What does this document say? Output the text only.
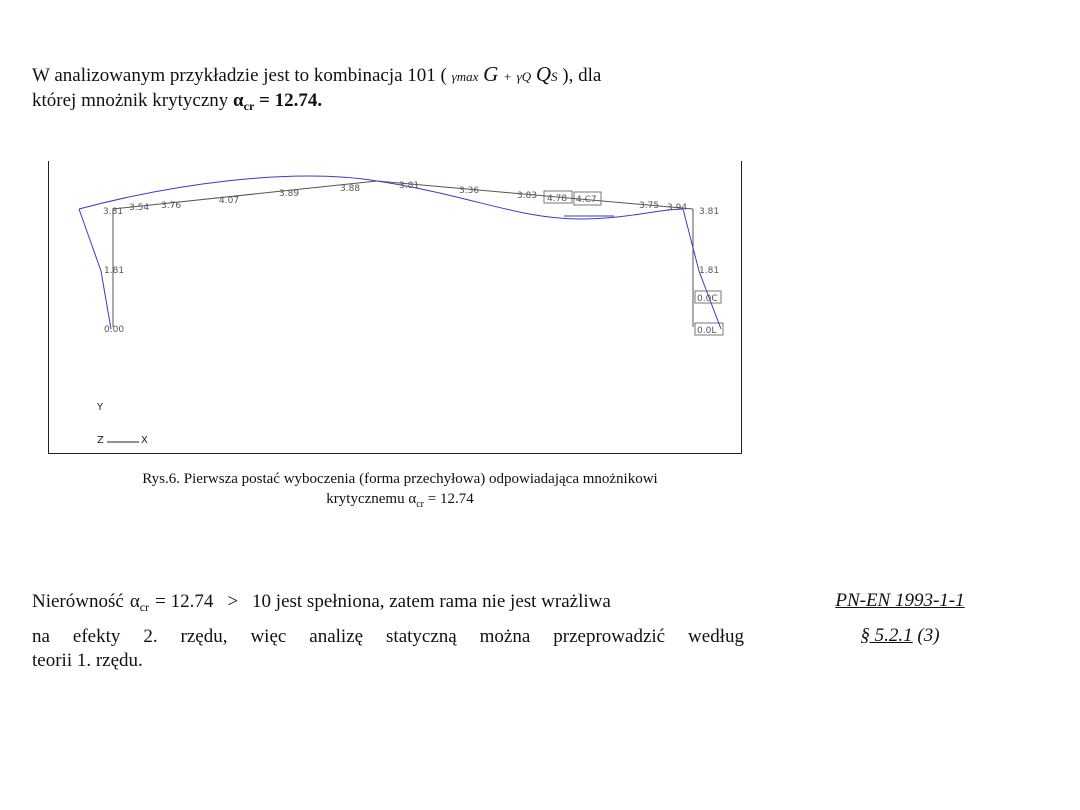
W analizowanym przykładzie jest to kombinacja 101 ( γmax G + γQ QS ), dla
której mnożnik krytyczny $\alpha_{cr} = 12.74$.
3.81 3.54 3.76	4.07
3.89	3.88	3.81	3.36	3.83 4.78 4.C7
3.75 3.94 3.81
1.81
0.00
1.81
0.0C
0.0L
Y
Z	X
Rys.6. Pierwsza postać wyboczenia (forma przechyłowa) odpowiadająca mnożnikowi
krytycznemu $\alpha_{cr} = 12.74$
Nierówność $\alpha_{cr} = 12.74 > 10$ jest spełniona, zatem rama nie jest wrażliwa
na efekty 2. rzędu, więc analizę statyczną można przeprowadzić według
teorii 1. rzędu.
PN-EN 1993-1-1
§ 5.2.1 (3)
